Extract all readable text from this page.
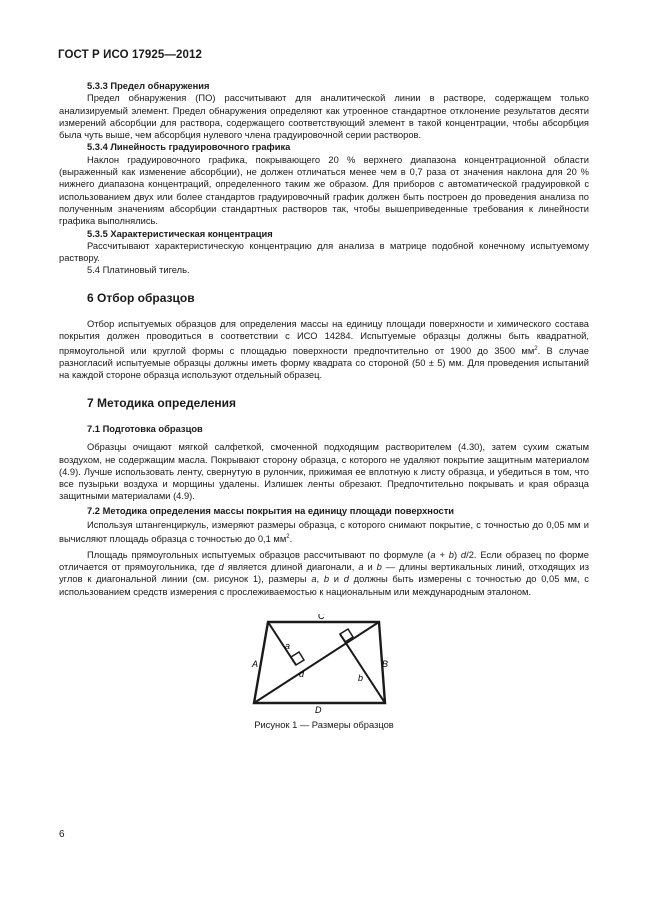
ГОСТ Р ИСО 17925—2012

5.3.3 Предел обнаружения

Предел обнаружения (ПО) рассчитывают для аналитической линии в растворе, содержащем только анализируемый элемент. Предел обнаружения определяют как утроенное стандартное отклонение результатов десяти измерений абсорбции для раствора, содержащего соответствующий элемент в такой концентрации, чтобы абсорбция была чуть выше, чем абсорбция нулевого члена градуировочной серии растворов.

5.3.4 Линейность градуировочного графика

Наклон градуировочного графика, покрывающего 20 % верхнего диапазона концентрационной области (выраженный как изменение абсорбции), не должен отличаться менее чем в 0,7 раза от значения наклона для 20 % нижнего диапазона концентраций, определенного таким же образом. Для приборов с автоматической градуировкой с использованием двух или более стандартов градуировочный график должен быть построен до проведения анализа по полученным значениям абсорбции стандартных растворов так, чтобы вышеприведенные требования к линейности графика выполнялись.

5.3.5 Характеристическая концентрация

Рассчитывают характеристическую концентрацию для анализа в матрице подобной конечному испытуемому раствору.

5.4 Платиновый тигель.

6 Отбор образцов

Отбор испытуемых образцов для определения массы на единицу площади поверхности и химического состава покрытия должен проводиться в соответствии с ИСО 14284. Испытуемые образцы должны быть квадратной, прямоугольной или круглой формы с площадью поверхности предпочтительно от 1900 до 3500 $мм^2$. В случае разногласий испытуемые образцы должны иметь форму квадрата со стороной (50 ± 5) мм. Для проведения испытаний на каждой стороне образца используют отдельный образец.

7 Методика определения

7.1 Подготовка образцов

Образцы очищают мягкой салфеткой, смоченной подходящим растворителем (4.30), затем сухим сжатым воздухом, не содержащим масла. Покрывают сторону образца, с которого не удаляют покрытие защитным материалом (4.9). Лучше использовать ленту, свернутую в рулончик, прижимая ее вплотную к листу образца, и убедиться в том, что все пузырьки воздуха и морщины удалены. Излишек ленты обрезают. Предпочтительно покрывать и края образца защитными материалами (4.9).

7.2 Методика определения массы покрытия на единицу площади поверхности

Используя штангенциркуль, измеряют размеры образца, с которого снимают покрытие, с точностью до 0,05 мм и вычисляют площадь образца с точностью до 0,1 $мм^2$.

Площадь прямоугольных испытуемых образцов рассчитывают по формуле (a + b) d/2. Если образец по форме отличается от прямоугольника, где d является длиной диагонали, a и b — длины вертикальных линий, отходящих из углов к диагональной линии (см. рисунок 1), размеры a, b и d должны быть измерены с точностью до 0,05 мм, с использованием средств измерения с прослеживаемостью к национальным или международным эталоном.

C
A	B
D
a
b
d

Рисунок 1 — Размеры образцов

6
